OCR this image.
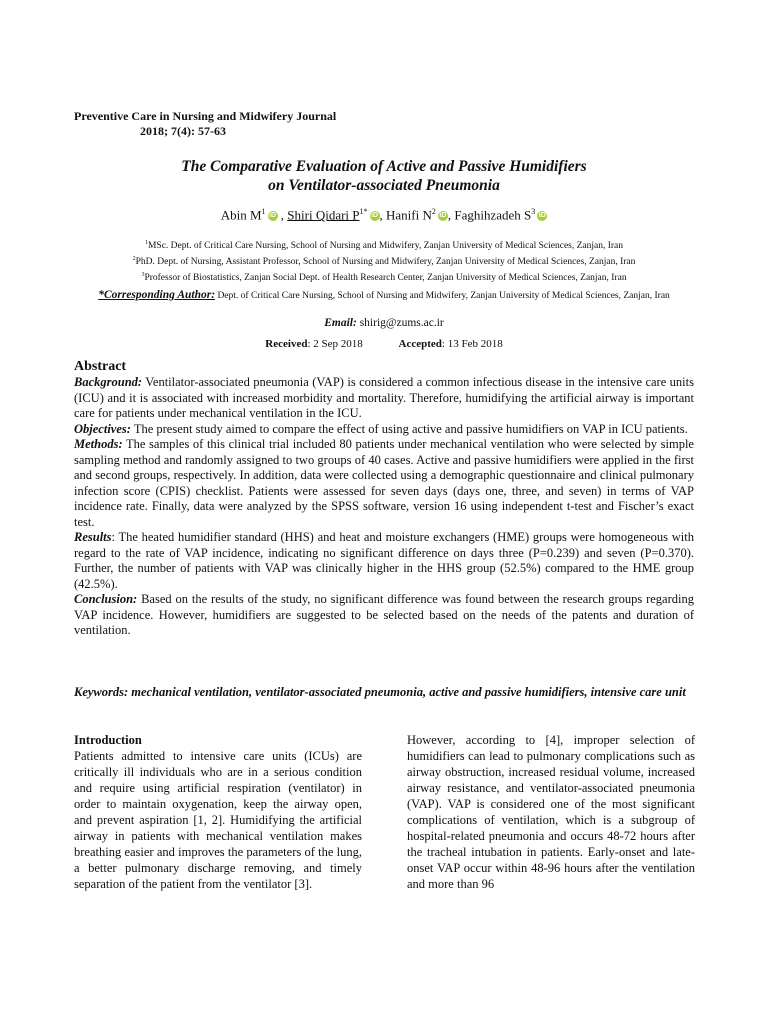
Preventive Care in Nursing and Midwifery Journal
2018; 7(4): 57-63
The Comparative Evaluation of Active and Passive Humidifiers
on Ventilator-associated Pneumonia
Abin $M^1$ iD , Shiri Qidari $P^{1*}$ iD , Hanifi $N^2$ iD , Faghihzadeh $S^3$ iD
$^1$MSc. Dept. of Critical Care Nursing, School of Nursing and Midwifery, Zanjan University of Medical Sciences, Zanjan, Iran
$^2$PhD. Dept. of Nursing, Assistant Professor, School of Nursing and Midwifery, Zanjan University of Medical Sciences, Zanjan, Iran
$^3$Professor of Biostatistics, Zanjan Social Dept. of Health Research Center, Zanjan University of Medical Sciences, Zanjan, Iran
*Corresponding Author: Dept. of Critical Care Nursing, School of Nursing and Midwifery, Zanjan University of Medical Sciences, Zanjan, Iran
Email: shirig@zums.ac.ir
Received: 2 Sep 2018	Accepted: 13 Feb 2018
Abstract

Background: Ventilator-associated pneumonia (VAP) is considered a common infectious disease in the intensive care units (ICU) and it is associated with increased morbidity and mortality. Therefore, humidifying the artificial airway is important care for patients under mechanical ventilation in the ICU.

Objectives: The present study aimed to compare the effect of using active and passive humidifiers on VAP in ICU patients.

Methods: The samples of this clinical trial included 80 patients under mechanical ventilation who were selected by simple sampling method and randomly assigned to two groups of 40 cases. Active and passive humidifiers were applied in the first and second groups, respectively. In addition, data were collected using a demographic questionnaire and clinical pulmonary infection score (CPIS) checklist. Patients were assessed for seven days (days one, three, and seven) in terms of VAP incidence rate. Finally, data were analyzed by the SPSS software, version 16 using independent t-test and Fischer’s exact test.

Results: The heated humidifier standard (HHS) and heat and moisture exchangers (HME) groups were homogeneous with regard to the rate of VAP incidence, indicating no significant difference on days three (P=0.239) and seven (P=0.370). Further, the number of patients with VAP was clinically higher in the HHS group (52.5%) compared to the HME group (42.5%).

Conclusion: Based on the results of the study, no significant difference was found between the research groups regarding VAP incidence. However, humidifiers are suggested to be selected based on the needs of the patents and duration of ventilation.

Keywords: mechanical ventilation, ventilator-associated pneumonia, active and passive humidifiers, intensive care unit
Introduction

Patients admitted to intensive care units (ICUs) are critically ill individuals who are in a serious condition and require using artificial respiration (ventilator) in order to maintain oxygenation, keep the airway open, and prevent aspiration [1, 2]. Humidifying the artificial airway in patients with mechanical ventilation makes breathing easier and improves the parameters of the lung, a better pulmonary discharge removing, and timely separation of the patient from the ventilator [3].

However, according to [4], improper selection of humidifiers can lead to pulmonary complications such as airway obstruction, increased residual volume, increased airway resistance, and ventilator-associated pneumonia (VAP). VAP is considered one of the most significant complications of ventilation, which is a subgroup of hospital-related pneumonia and occurs 48-72 hours after the tracheal intubation in patients. Early-onset and late-onset VAP occur within 48-96 hours after the ventilation and more than 96
